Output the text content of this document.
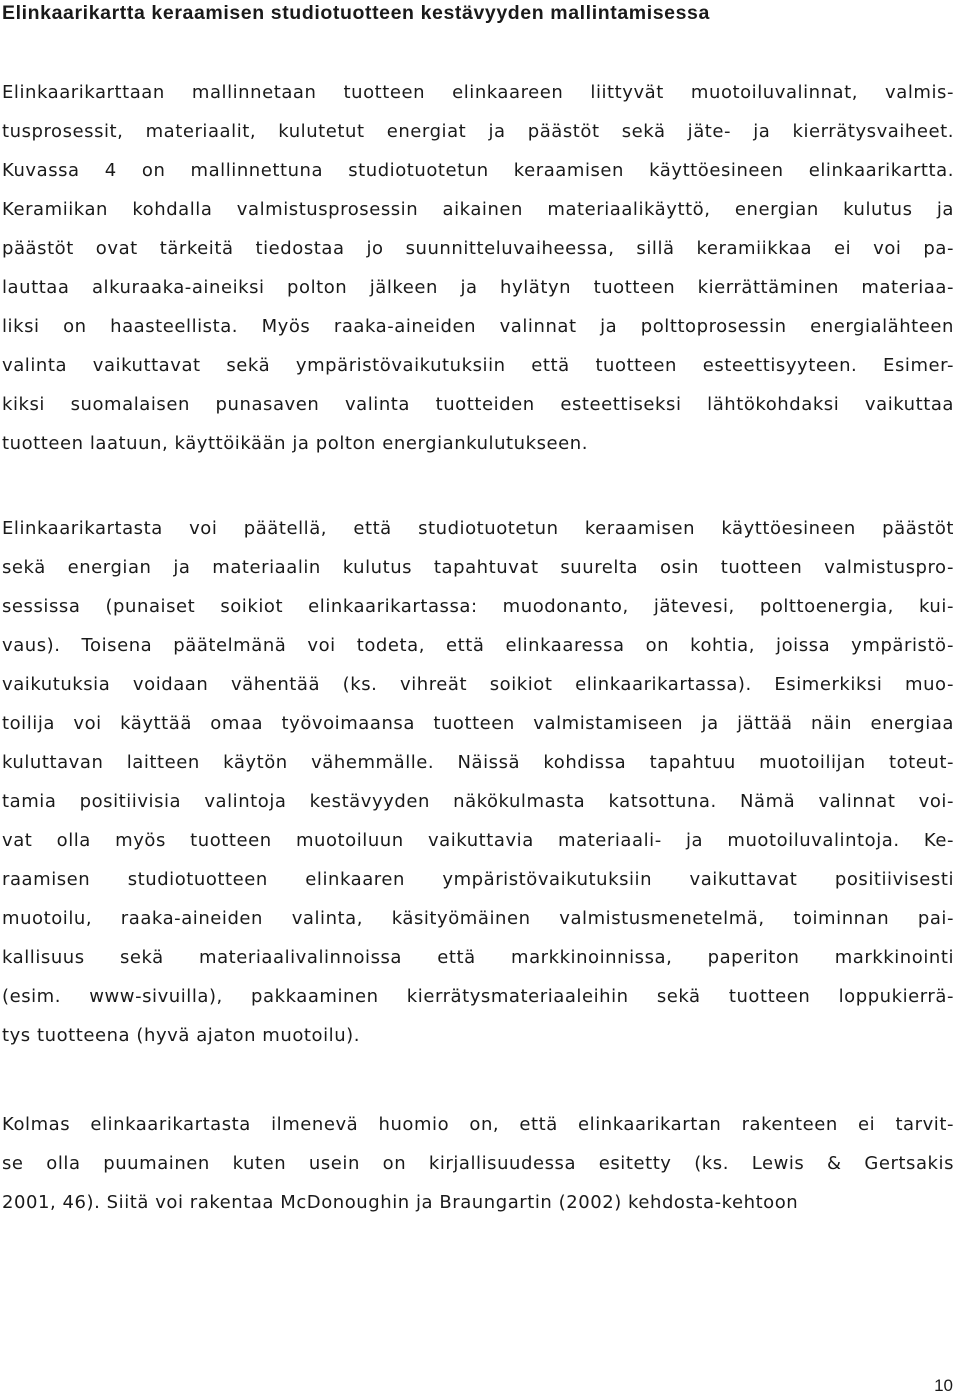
Elinkaarikartta keraamisen studiotuotteen kestävyyden mallintamisessa
Elinkaarikarttaan mallinnetaan tuotteen elinkaareen liittyvät muotoiluvalinnat, valmis-
tusprosessit, materiaalit, kulutetut energiat ja päästöt sekä jäte- ja kierrätysvaiheet.
Kuvassa 4 on mallinnettuna studiotuotetun keraamisen käyttöesineen elinkaarikartta.
Keramiikan kohdalla valmistusprosessin aikainen materiaalikäyttö, energian kulutus ja
päästöt ovat tärkeitä tiedostaa jo suunnitteluvaiheessa, sillä keramiikkaa ei voi pa-
lauttaa alkuraaka-aineiksi polton jälkeen ja hylätyn tuotteen kierrättäminen materiaa-
liksi on haasteellista. Myös raaka-aineiden valinnat ja polttoprosessin energialähteen
valinta vaikuttavat sekä ympäristövaikutuksiin että tuotteen esteettisyyteen. Esimer-
kiksi suomalaisen punasaven valinta tuotteiden esteettiseksi lähtökohdaksi vaikuttaa
tuotteen laatuun, käyttöikään ja polton energiankulutukseen.
Elinkaarikartasta voi päätellä, että studiotuotetun keraamisen käyttöesineen päästöt
sekä energian ja materiaalin kulutus tapahtuvat suurelta osin tuotteen valmistuspro-
sessissa (punaiset soikiot elinkaarikartassa: muodonanto, jätevesi, polttoenergia, kui-
vaus). Toisena päätelmänä voi todeta, että elinkaaressa on kohtia, joissa ympäristö-
vaikutuksia voidaan vähentää (ks. vihreät soikiot elinkaarikartassa). Esimerkiksi muo-
toilija voi käyttää omaa työvoimaansa tuotteen valmistamiseen ja jättää näin energiaa
kuluttavan laitteen käytön vähemmälle. Näissä kohdissa tapahtuu muotoilijan toteut-
tamia positiivisia valintoja kestävyyden näkökulmasta katsottuna. Nämä valinnat voi-
vat olla myös tuotteen muotoiluun vaikuttavia materiaali- ja muotoiluvalintoja. Ke-
raamisen studiotuotteen elinkaaren ympäristövaikutuksiin vaikuttavat positiivisesti
muotoilu, raaka-aineiden valinta, käsityömäinen valmistusmenetelmä, toiminnan pai-
kallisuus sekä materiaalivalinnoissa että markkinoinnissa, paperiton markkinointi
(esim. www-sivuilla), pakkaaminen kierrätysmateriaaleihin sekä tuotteen loppukierrä-
tys tuotteena (hyvä ajaton muotoilu).
Kolmas elinkaarikartasta ilmenevä huomio on, että elinkaarikartan rakenteen ei tarvit-
se olla puumainen kuten usein on kirjallisuudessa esitetty (ks. Lewis & Gertsakis
2001, 46). Siitä voi rakentaa McDonoughin ja Braungartin (2002) kehdosta-kehtoon
10
